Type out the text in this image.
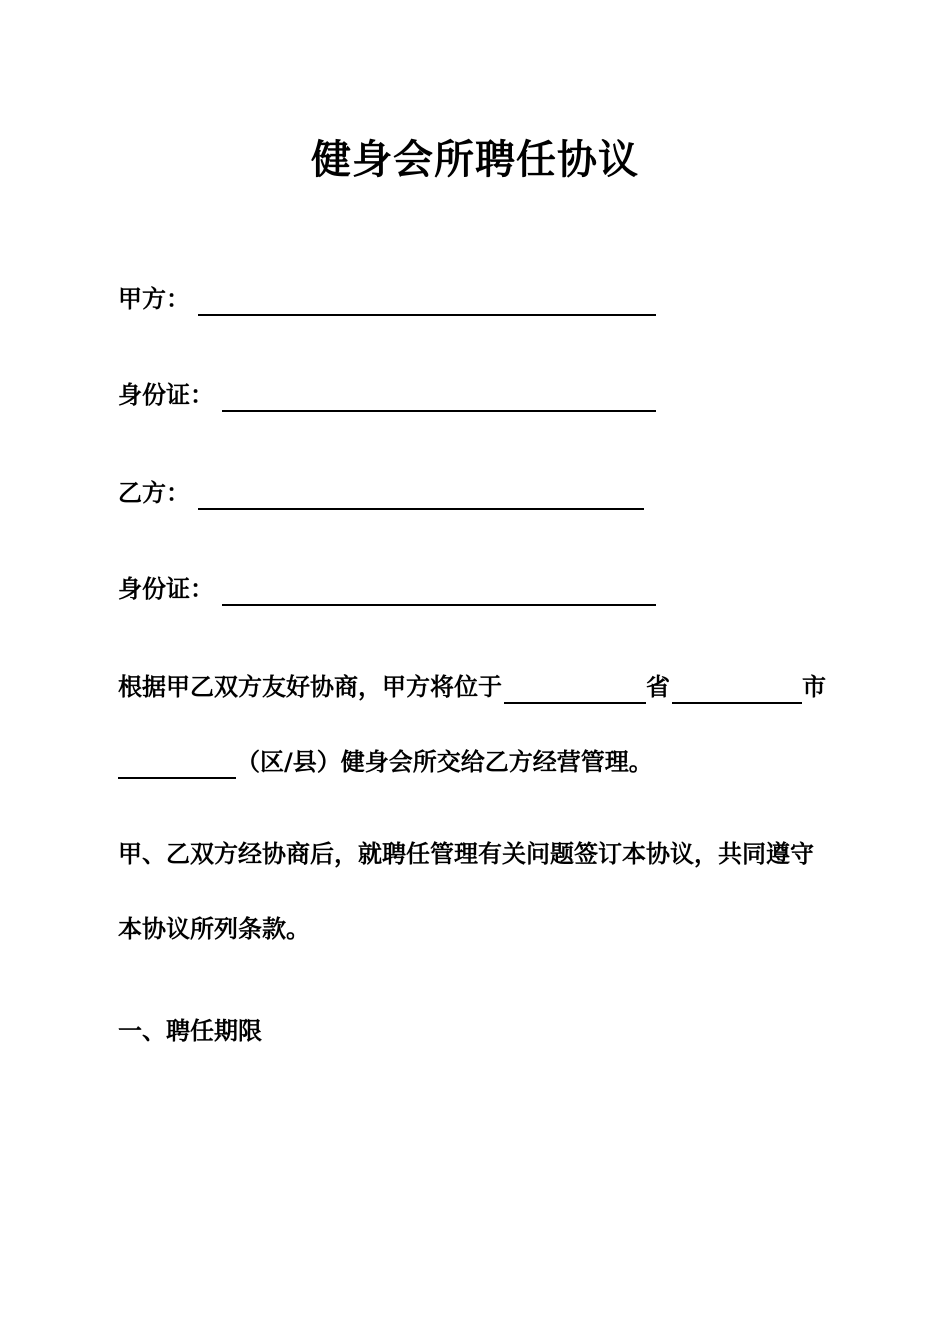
健身会所聘任协议
甲方：
身份证：
乙方：
身份证：
根据甲乙双方友好协商，甲方将位于	省	市
（区/县）健身会所交给乙方经营管理。
甲、乙双方经协商后，就聘任管理有关问题签订本协议，共同遵守
本协议所列条款。
一、聘任期限
